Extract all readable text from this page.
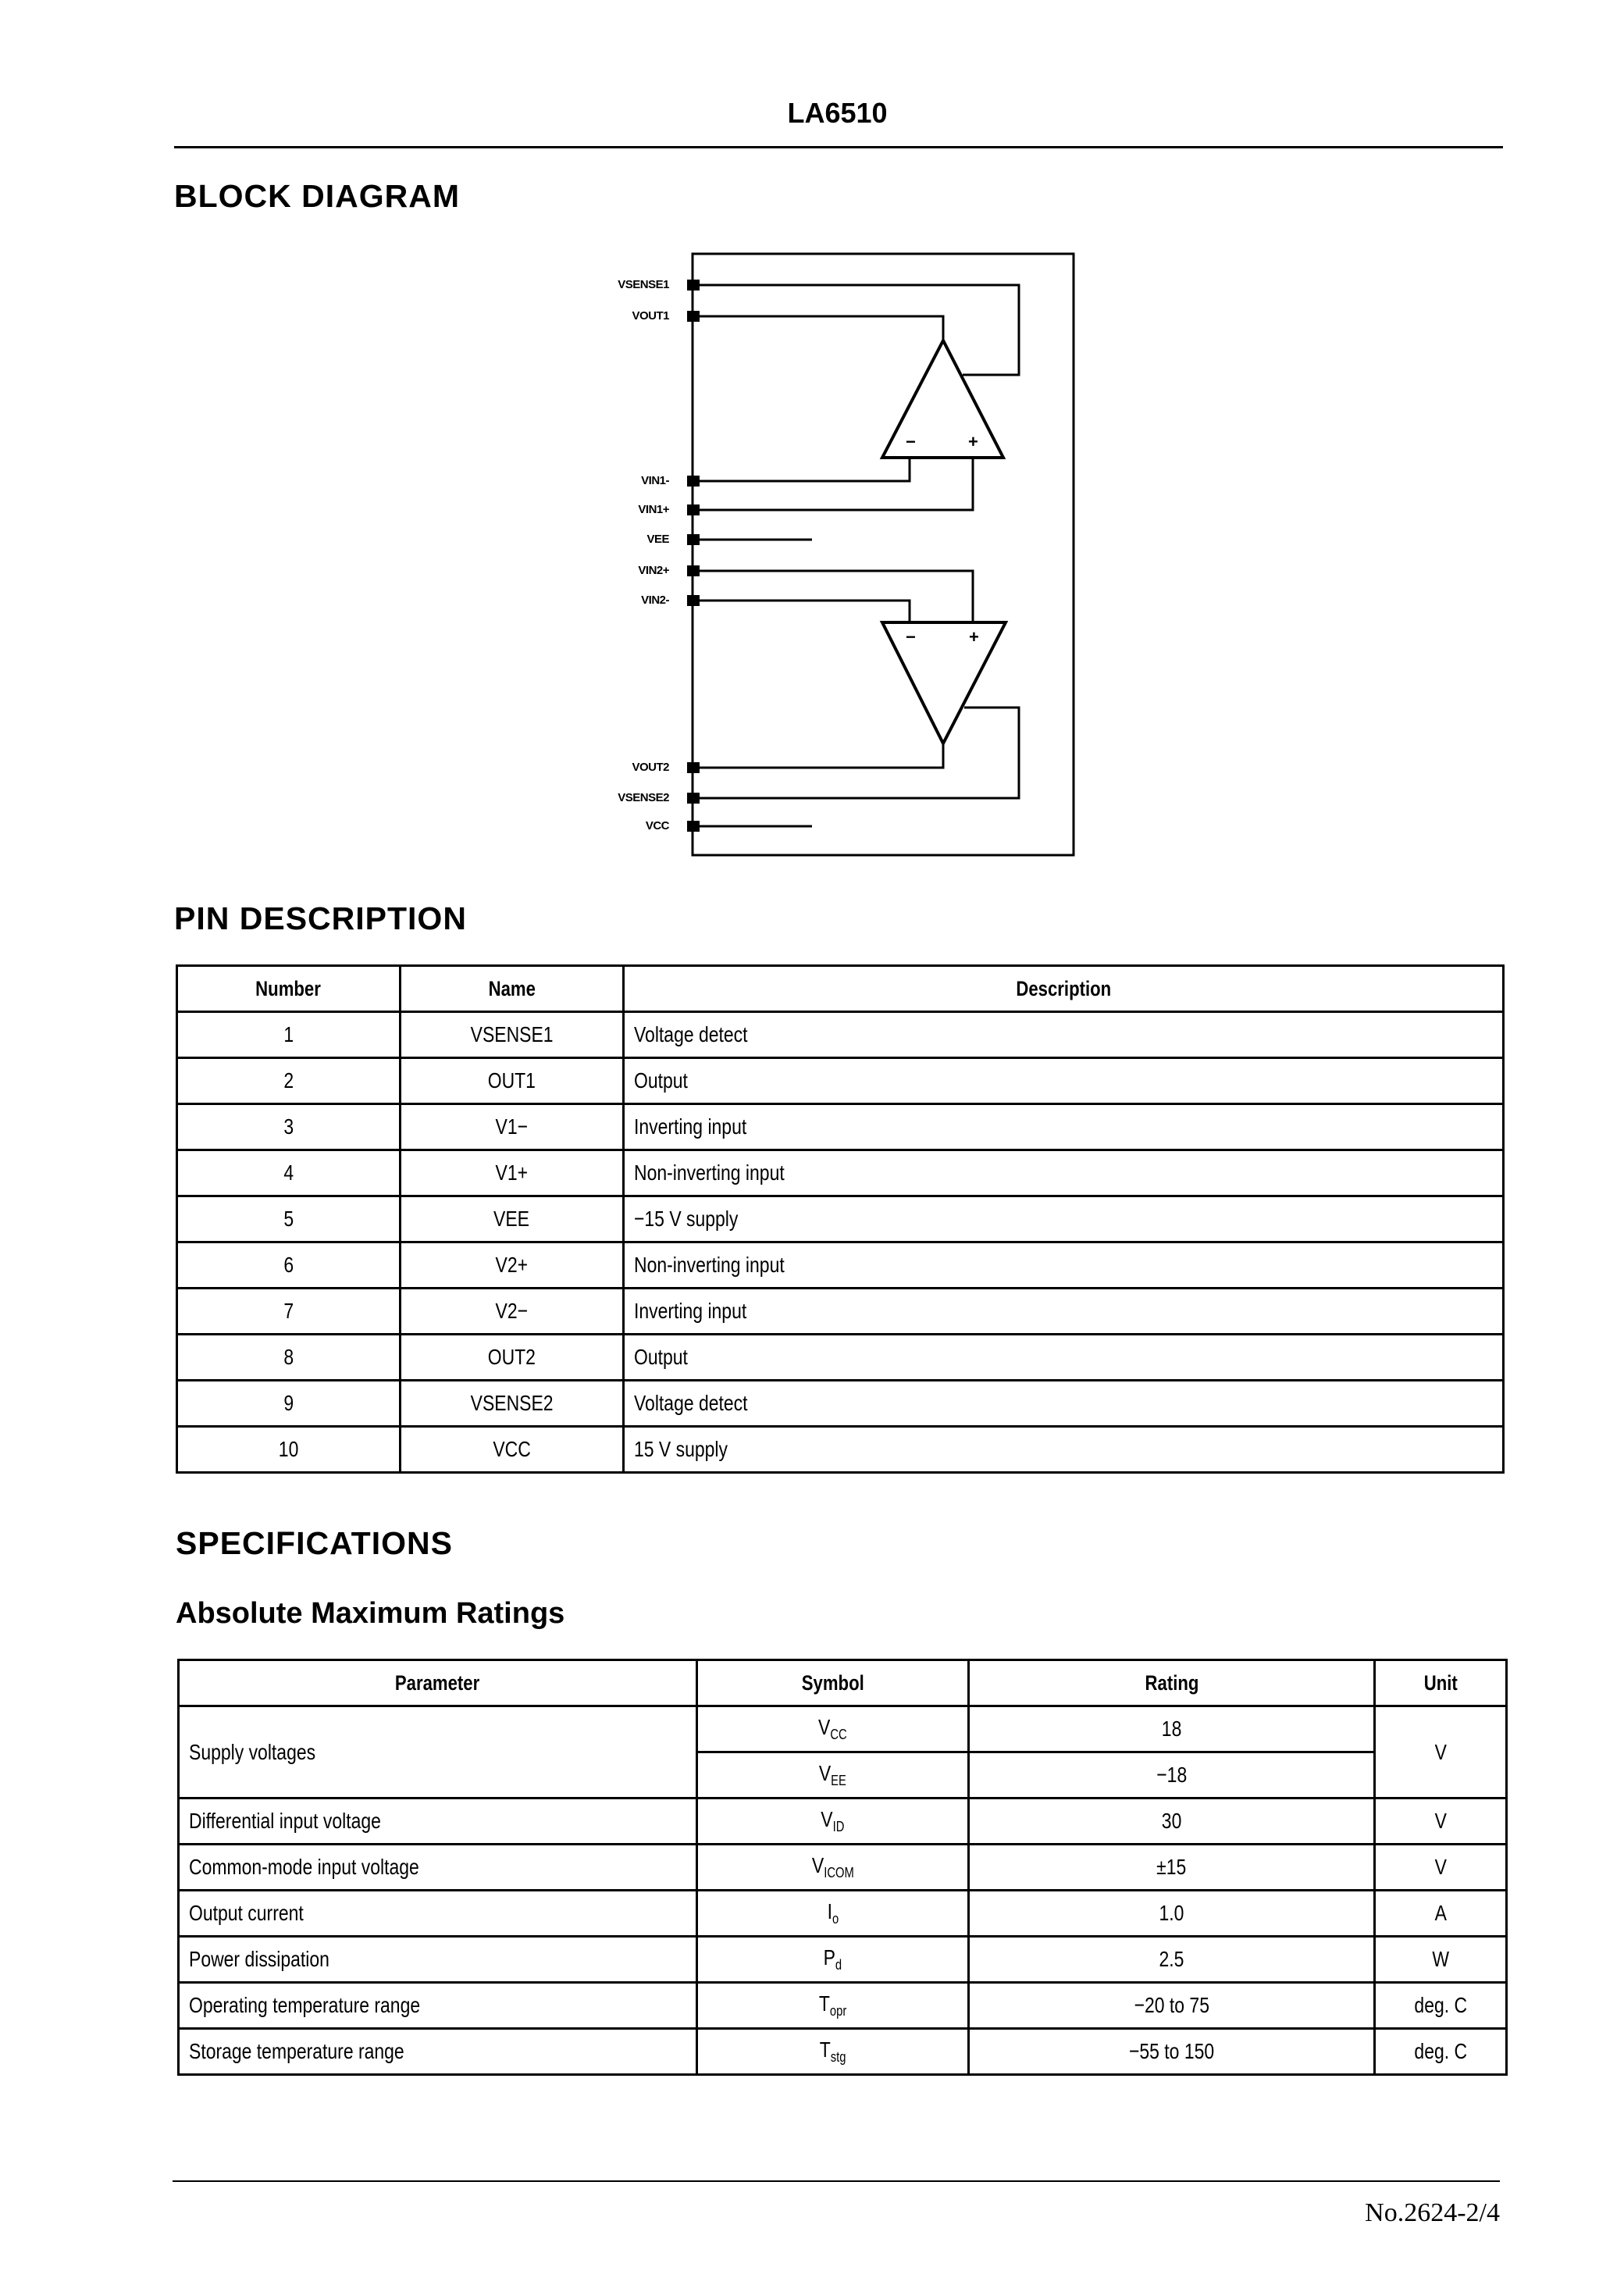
LA6510
BLOCK DIAGRAM
−	+
−	+
VSENSE1
VOUT1
VIN1-
VIN1+
VEE
VIN2+
VIN2-
VOUT2
VSENSE2
VCC
PIN DESCRIPTION
Number	Name	Description
1	VSENSE1	Voltage detect
2	OUT1	Output
3	V1−	Inverting input
4	V1+	Non-inverting input
5	VEE	−15 V supply
6	V2+	Non-inverting input
7	V2−	Inverting input
8	OUT2	Output
9	VSENSE2	Voltage detect
10	VCC	15 V supply
SPECIFICATIONS
Absolute Maximum Ratings
Parameter	Symbol	Rating	Unit
Supply voltages	$V_{CC}$	18	V
	$V_{EE}$	−18	
Differential input voltage	$V_{ID}$	30	V
Common-mode input voltage	$V_{ICOM}$	±15	V
Output current	$I_o$	1.0	A
Power dissipation	$P_d$	2.5	W
Operating temperature range	$T_{opr}$	−20 to 75	deg. C
Storage temperature range	$T_{stg}$	−55 to 150	deg. C
No.2624-2/4
